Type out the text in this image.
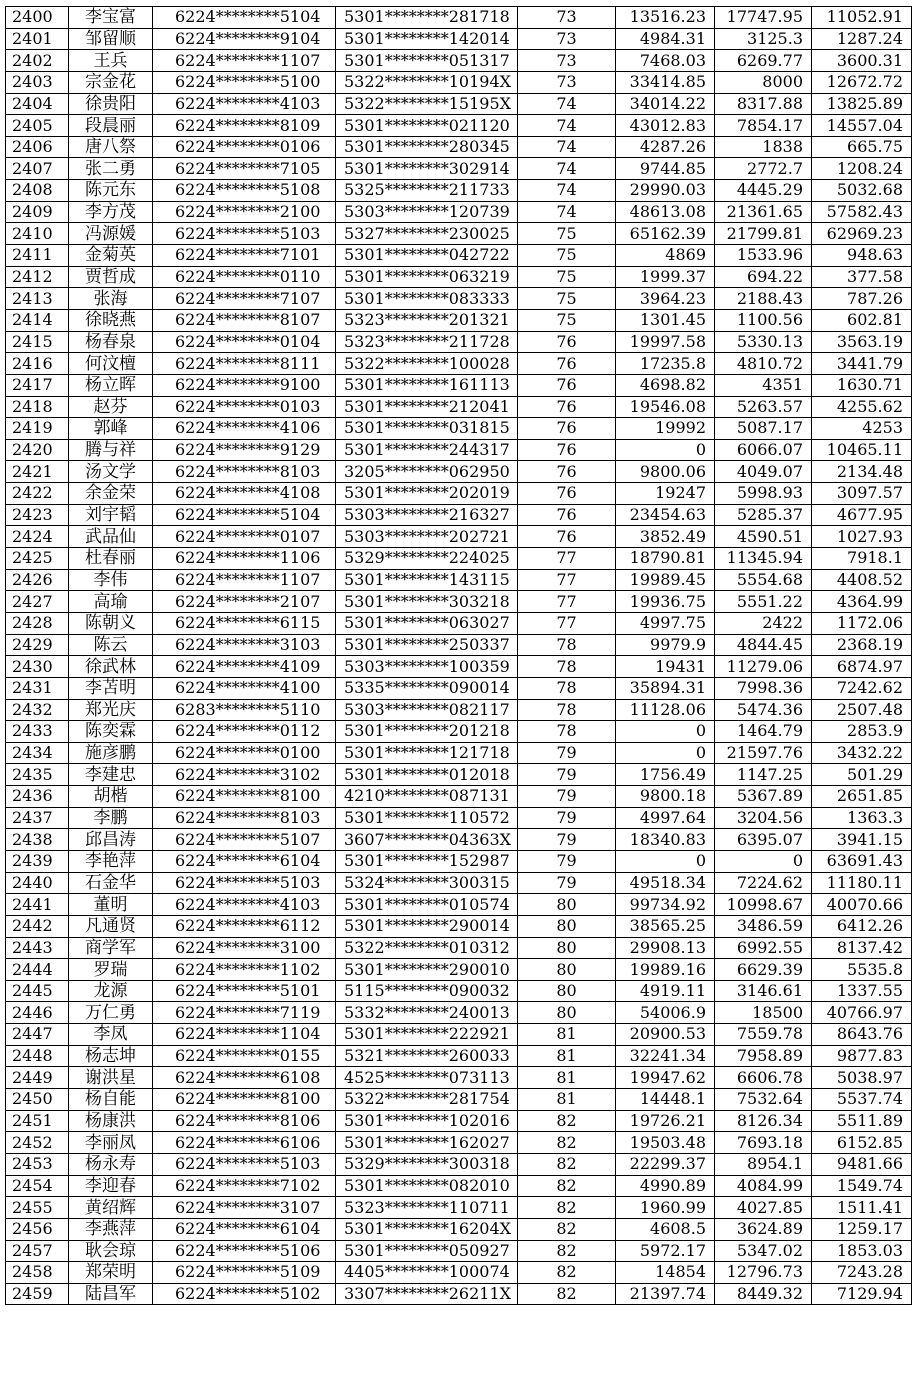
2400	李宝富	6224********5104	5301********281718	73	13516.23	17747.95	11052.91
2401	邹留顺	6224********9104	5301********142014	73	4984.31	3125.3	1287.24
2402	王兵	6224********1107	5301********051317	73	7468.03	6269.77	3600.31
2403	宗金花	6224********5100	5322********10194X	73	33414.85	8000	12672.72
2404	徐贵阳	6224********4103	5322********15195X	74	34014.22	8317.88	13825.89
2405	段晨丽	6224********8109	5301********021120	74	43012.83	7854.17	14557.04
2406	唐八祭	6224********0106	5301********280345	74	4287.26	1838	665.75
2407	张二勇	6224********7105	5301********302914	74	9744.85	2772.7	1208.24
2408	陈元东	6224********5108	5325********211733	74	29990.03	4445.29	5032.68
2409	李方茂	6224********2100	5303********120739	74	48613.08	21361.65	57582.43
2410	冯源媛	6224********5103	5327********230025	75	65162.39	21799.81	62969.23
2411	金菊英	6224********7101	5301********042722	75	4869	1533.96	948.63
2412	贾哲成	6224********0110	5301********063219	75	1999.37	694.22	377.58
2413	张海	6224********7107	5301********083333	75	3964.23	2188.43	787.26
2414	徐晓燕	6224********8107	5323********201321	75	1301.45	1100.56	602.81
2415	杨春泉	6224********0104	5323********211728	76	19997.58	5330.13	3563.19
2416	何汶檀	6224********8111	5322********100028	76	17235.8	4810.72	3441.79
2417	杨立晖	6224********9100	5301********161113	76	4698.82	4351	1630.71
2418	赵芬	6224********0103	5301********212041	76	19546.08	5263.57	4255.62
2419	郭峰	6224********4106	5301********031815	76	19992	5087.17	4253
2420	腾与祥	6224********9129	5301********244317	76	0	6066.07	10465.11
2421	汤文学	6224********8103	3205********062950	76	9800.06	4049.07	2134.48
2422	余金荣	6224********4108	5301********202019	76	19247	5998.93	3097.57
2423	刘宇韬	6224********5104	5303********216327	76	23454.63	5285.37	4677.95
2424	武品仙	6224********0107	5303********202721	76	3852.49	4590.51	1027.93
2425	杜春丽	6224********1106	5329********224025	77	18790.81	11345.94	7918.1
2426	李伟	6224********1107	5301********143115	77	19989.45	5554.68	4408.52
2427	高瑜	6224********2107	5301********303218	77	19936.75	5551.22	4364.99
2428	陈朝义	6224********6115	5301********063027	77	4997.75	2422	1172.06
2429	陈云	6224********3103	5301********250337	78	9979.9	4844.45	2368.19
2430	徐武林	6224********4109	5303********100359	78	19431	11279.06	6874.97
2431	李苫明	6224********4100	5335********090014	78	35894.31	7998.36	7242.62
2432	郑光庆	6283********5110	5303********082117	78	11128.06	5474.36	2507.48
2433	陈奕霖	6224********0112	5301********201218	78	0	1464.79	2853.9
2434	施彦鹏	6224********0100	5301********121718	79	0	21597.76	3432.22
2435	李建忠	6224********3102	5301********012018	79	1756.49	1147.25	501.29
2436	胡楷	6224********8100	4210********087131	79	9800.18	5367.89	2651.85
2437	李鹏	6224********8103	5301********110572	79	4997.64	3204.56	1363.3
2438	邱昌涛	6224********5107	3607********04363X	79	18340.83	6395.07	3941.15
2439	李艳萍	6224********6104	5301********152987	79	0	0	63691.43
2440	石金华	6224********5103	5324********300315	79	49518.34	7224.62	11180.11
2441	董明	6224********4103	5301********010574	80	99734.92	10998.67	40070.66
2442	凡通贤	6224********6112	5301********290014	80	38565.25	3486.59	6412.26
2443	商学军	6224********3100	5322********010312	80	29908.13	6992.55	8137.42
2444	罗瑞	6224********1102	5301********290010	80	19989.16	6629.39	5535.8
2445	龙源	6224********5101	5115********090032	80	4919.11	3146.61	1337.55
2446	万仁勇	6224********7119	5332********240013	80	54006.9	18500	40766.97
2447	李凤	6224********1104	5301********222921	81	20900.53	7559.78	8643.76
2448	杨志坤	6224********0155	5321********260033	81	32241.34	7958.89	9877.83
2449	谢洪星	6224********6108	4525********073113	81	19947.62	6606.78	5038.97
2450	杨自能	6224********8100	5322********281754	81	14448.1	7532.64	5537.74
2451	杨康洪	6224********8106	5301********102016	82	19726.21	8126.34	5511.89
2452	李丽凤	6224********6106	5301********162027	82	19503.48	7693.18	6152.85
2453	杨永寿	6224********5103	5329********300318	82	22299.37	8954.1	9481.66
2454	李迎春	6224********7102	5301********082010	82	4990.89	4084.99	1549.74
2455	黄绍辉	6224********3107	5323********110711	82	1960.99	4027.85	1511.41
2456	李燕萍	6224********6104	5301********16204X	82	4608.5	3624.89	1259.17
2457	耿会琼	6224********5106	5301********050927	82	5972.17	5347.02	1853.03
2458	郑荣明	6224********5109	4405********100074	82	14854	12796.73	7243.28
2459	陆昌军	6224********5102	3307********26211X	82	21397.74	8449.32	7129.94
